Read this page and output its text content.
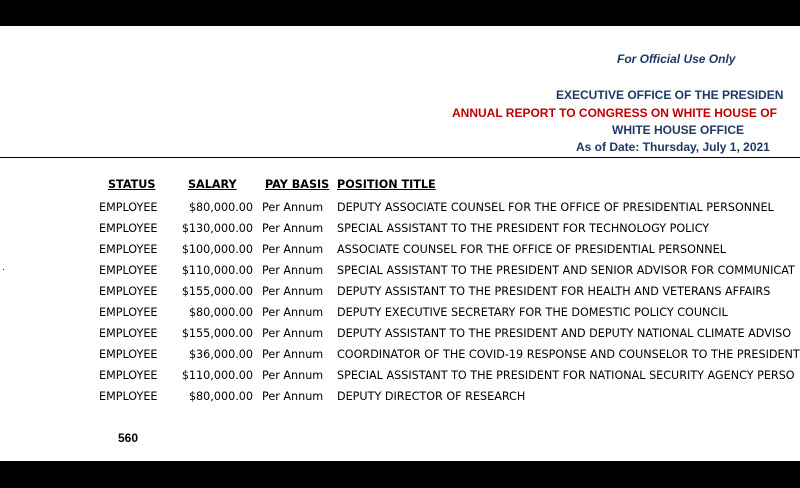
For Official Use Only
EXECUTIVE OFFICE OF THE PRESIDEN
ANNUAL REPORT TO CONGRESS ON WHITE HOUSE OF
WHITE HOUSE OFFICE
As of Date: Thursday, July 1, 2021
.
STATUS	SALARY	PAY BASIS POSITION TITLE
EMPLOYEE	$80,000.00 Per Annum DEPUTY ASSOCIATE COUNSEL FOR THE OFFICE OF PRESIDENTIAL PERSONNEL
EMPLOYEE $130,000.00 Per Annum SPECIAL ASSISTANT TO THE PRESIDENT FOR TECHNOLOGY POLICY
EMPLOYEE $100,000.00 Per Annum ASSOCIATE COUNSEL FOR THE OFFICE OF PRESIDENTIAL PERSONNEL
EMPLOYEE $110,000.00 Per Annum SPECIAL ASSISTANT TO THE PRESIDENT AND SENIOR ADVISOR FOR COMMUNICAT
EMPLOYEE $155,000.00 Per Annum DEPUTY ASSISTANT TO THE PRESIDENT FOR HEALTH AND VETERANS AFFAIRS
EMPLOYEE	$80,000.00 Per Annum DEPUTY EXECUTIVE SECRETARY FOR THE DOMESTIC POLICY COUNCIL
EMPLOYEE $155,000.00 Per Annum DEPUTY ASSISTANT TO THE PRESIDENT AND DEPUTY NATIONAL CLIMATE ADVISO
EMPLOYEE	$36,000.00 Per Annum COORDINATOR OF THE COVID-19 RESPONSE AND COUNSELOR TO THE PRESIDENT
EMPLOYEE $110,000.00 Per Annum SPECIAL ASSISTANT TO THE PRESIDENT FOR NATIONAL SECURITY AGENCY PERSO
EMPLOYEE	$80,000.00 Per Annum DEPUTY DIRECTOR OF RESEARCH
560
